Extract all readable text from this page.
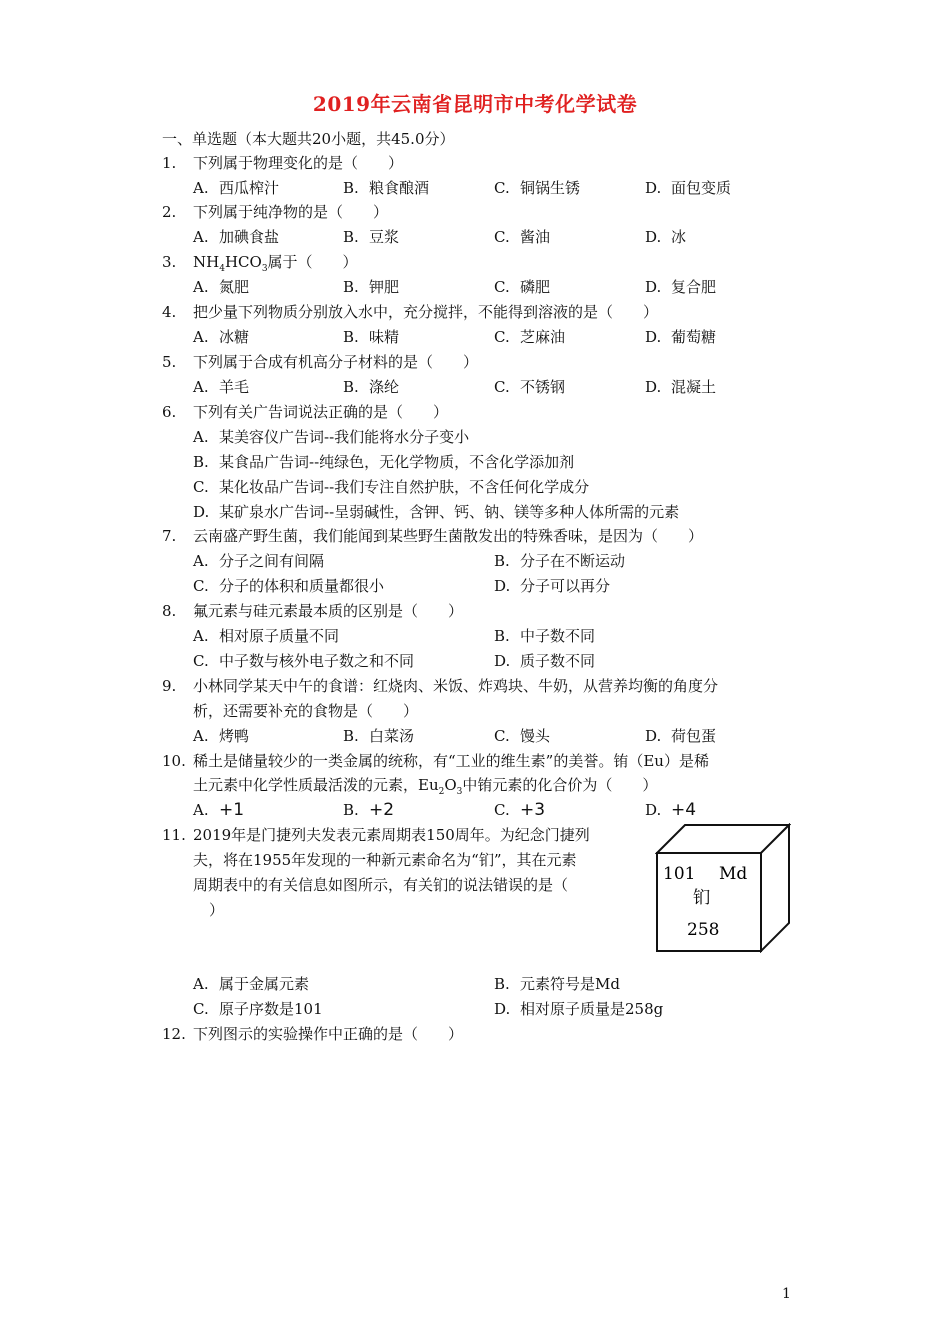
2019年云南省昆明市中考化学试卷
一、单选题（本大题共20小题，共45.0分）
1. 下列属于物理变化的是（　　）
A. 西瓜榨汁	B. 粮食酿酒	C. 铜锅生锈	D. 面包变质
2. 下列属于纯净物的是（　　）
A. 加碘食盐	B. 豆浆	C. 酱油	D. 冰
3. $NH_4HCO_3$属于（　　）
A. 氮肥	B. 钾肥	C. 磷肥	D. 复合肥
4. 把少量下列物质分别放入水中，充分搅拌，不能得到溶液的是（　　）
A. 冰糖	B. 味精	C. 芝麻油	D. 葡萄糖
5. 下列属于合成有机高分子材料的是（　　）
A. 羊毛	B. 涤纶	C. 不锈钢	D. 混凝土
6. 下列有关广告词说法正确的是（　　）
A. 某美容仪广告词--我们能将水分子变小
B. 某食品广告词--纯绿色，无化学物质，不含化学添加剂
C. 某化妆品广告词--我们专注自然护肤，不含任何化学成分
D. 某矿泉水广告词--呈弱碱性，含钾、钙、钠、镁等多种人体所需的元素
7. 云南盛产野生菌，我们能闻到某些野生菌散发出的特殊香味，是因为（　　）
A. 分子之间有间隔	B. 分子在不断运动
C. 分子的体积和质量都很小	D. 分子可以再分
8. 氟元素与硅元素最本质的区别是（　　）
A. 相对原子质量不同	B. 中子数不同
C. 中子数与核外电子数之和不同	D. 质子数不同
9. 小林同学某天中午的食谱：红烧肉、米饭、炸鸡块、牛奶，从营养均衡的角度分
析，还需要补充的食物是（　　）
A. 烤鸭	B. 白菜汤	C. 馒头	D. 荷包蛋
10. 稀土是储量较少的一类金属的统称，有“工业的维生素”的美誉。铕（Eu）是稀
土元素中化学性质最活泼的元素，$Eu_2O_3$中铕元素的化合价为（　　）
A. +1	B. +2	C. +3	D. +4
11. 2019年是门捷列夫发表元素周期表150周年。为纪念门捷列
夫，将在1955年发现的一种新元素命名为“钔”，其在元素
周期表中的有关信息如图所示，有关钔的说法错误的是（
）
101 Md
钔
258
A. 属于金属元素	B. 元素符号是Md
C. 原子序数是101	D. 相对原子质量是258g
12. 下列图示的实验操作中正确的是（　　）
1
